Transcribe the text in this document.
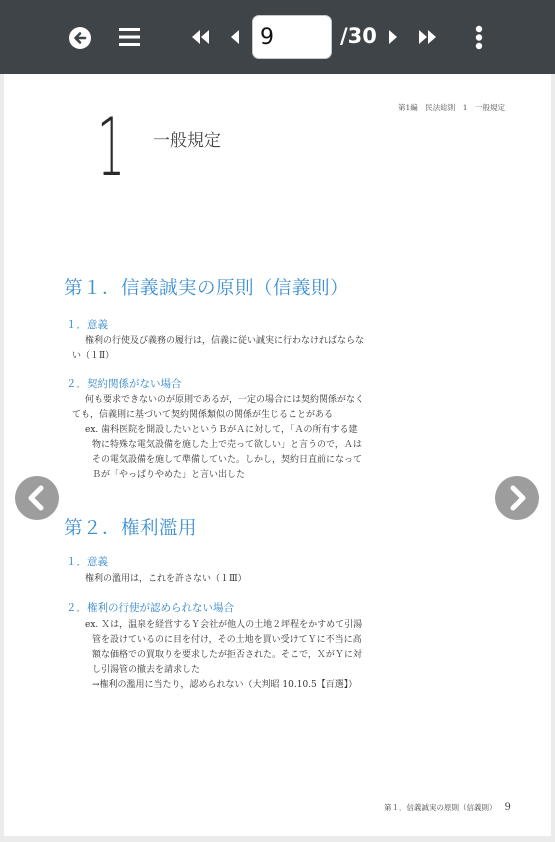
9
/30
第1編　民法総則　1　一般規定
1 一般規定
第１．信義誠実の原則（信義則）
１．意義
権利の行使及び義務の履行は，信義に従い誠実に行わなければならな
い（１Ⅱ）
２．契約関係がない場合
何も要求できないのが原則であるが，一定の場合には契約関係がなく
ても，信義則に基づいて契約関係類似の関係が生じることがある
ex. 歯科医院を開設したいというＢがＡに対して，「Ａの所有する建
物に特殊な電気設備を施した上で売って欲しい」と言うので，Ａは
その電気設備を施して準備していた。しかし，契約日直前になって
Ｂが「やっぱりやめた」と言い出した
第２．権利濫用
１．意義
権利の濫用は，これを許さない（１Ⅲ）
２．権利の行使が認められない場合
ex. Ｘは，温泉を経営するＹ会社が他人の土地２坪程をかすめて引湯
管を設けているのに目を付け，その土地を買い受けてＹに不当に高
額な価格での買取りを要求したが拒否された。そこで，ＸがＹに対
し引湯管の撤去を請求した
→権利の濫用に当たり，認められない（大判昭 10.10.5【百選】）
第１．信義誠実の原則（信義則） 9
